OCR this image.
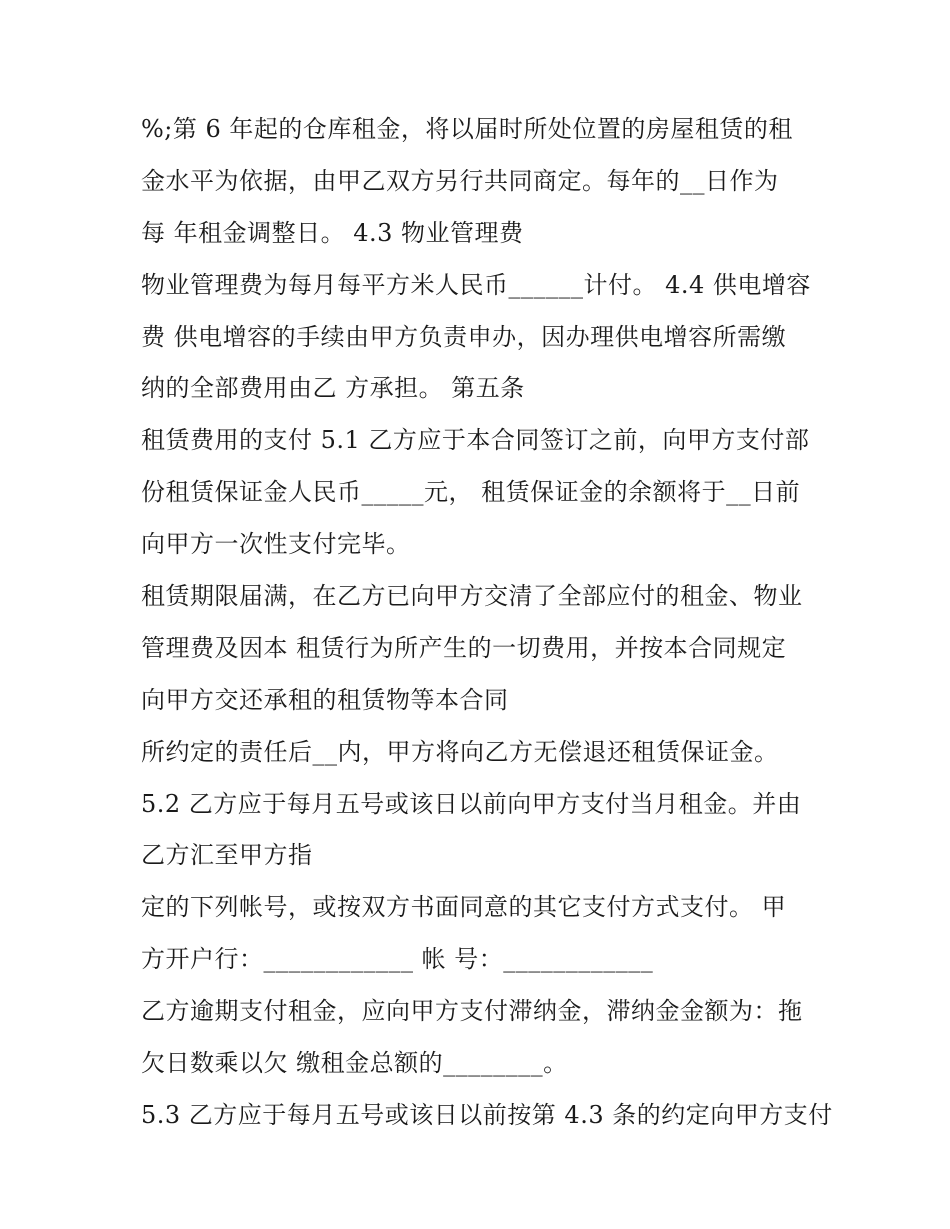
%;第 6 年起的仓库租金，将以届时所处位置的房屋租赁的租
金水平为依据，由甲乙双方另行共同商定。每年的__日作为
每 年租金调整日。 4.3 物业管理费
物业管理费为每月每平方米人民币______计付。 4.4 供电增容
费 供电增容的手续由甲方负责申办，因办理供电增容所需缴
纳的全部费用由乙 方承担。 第五条
租赁费用的支付 5.1 乙方应于本合同签订之前，向甲方支付部
份租赁保证金人民币_____元， 租赁保证金的余额将于__日前
向甲方一次性支付完毕。
租赁期限届满，在乙方已向甲方交清了全部应付的租金、物业
管理费及因本 租赁行为所产生的一切费用，并按本合同规定
向甲方交还承租的租赁物等本合同
所约定的责任后__内，甲方将向乙方无偿退还租赁保证金。
5.2 乙方应于每月五号或该日以前向甲方支付当月租金。并由
乙方汇至甲方指
定的下列帐号，或按双方书面同意的其它支付方式支付。 甲
方开户行：____________ 帐 号：____________
乙方逾期支付租金，应向甲方支付滞纳金，滞纳金金额为：拖
欠日数乘以欠 缴租金总额的________。
5.3 乙方应于每月五号或该日以前按第 4.3 条的约定向甲方支付
